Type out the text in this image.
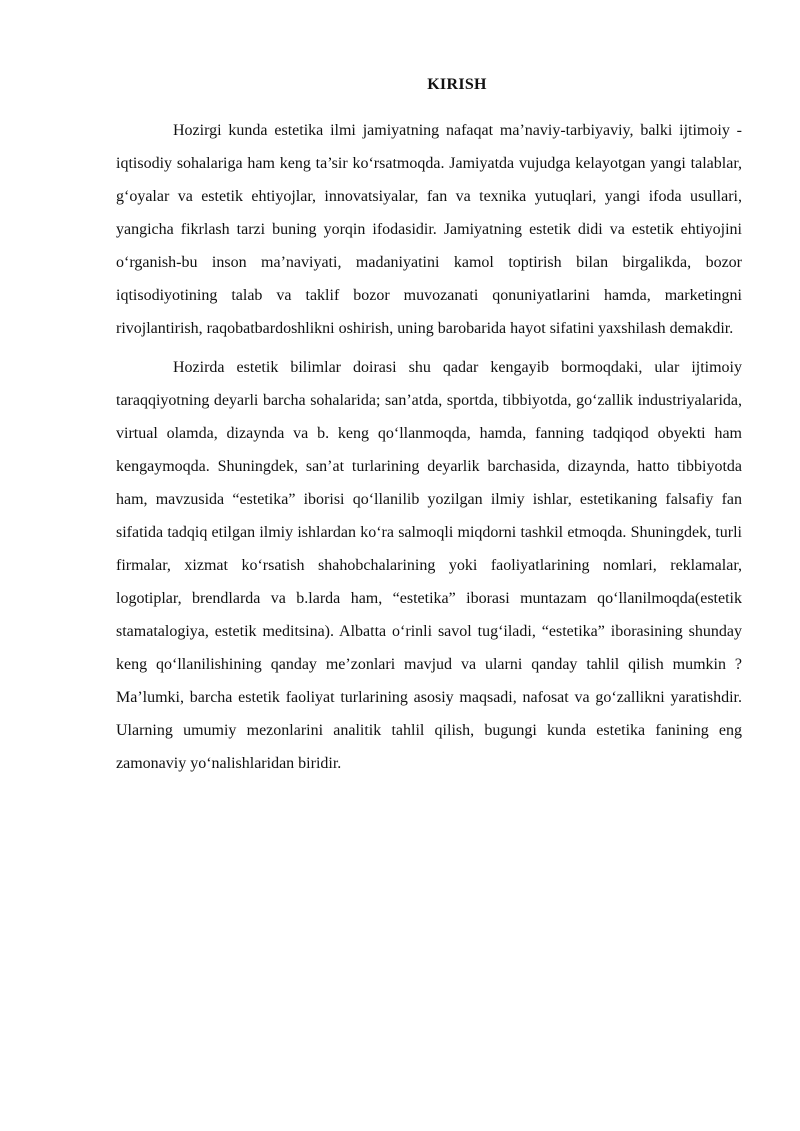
KIRISH

Hozirgi kunda estetika ilmi jamiyatning nafaqat ma’naviy-tarbiyaviy, balki ijtimoiy - iqtisodiy sohalariga ham keng ta’sir ko‘rsatmoqda. Jamiyatda vujudga kelayotgan yangi talablar, g‘oyalar va estetik ehtiyojlar, innovatsiyalar, fan va texnika yutuqlari, yangi ifoda usullari, yangicha fikrlash tarzi buning yorqin ifodasidir. Jamiyatning estetik didi va estetik ehtiyojini o‘rganish-bu inson ma’naviyati, madaniyatini kamol toptirish bilan birgalikda, bozor iqtisodiyotining talab va taklif bozor muvozanati qonuniyatlarini hamda, marketingni rivojlantirish, raqobatbardoshlikni oshirish, uning barobarida hayot sifatini yaxshilash demakdir.

Hozirda estetik bilimlar doirasi shu qadar kengayib bormoqdaki, ular ijtimoiy taraqqiyotning deyarli barcha sohalarida; san’atda, sportda, tibbiyotda, go‘zallik industriyalarida, virtual olamda, dizaynda va b. keng qo‘llanmoqda, hamda, fanning tadqiqod obyekti ham kengaymoqda. Shuningdek, san’at turlarining deyarlik barchasida, dizaynda, hatto tibbiyotda ham, mavzusida “estetika” iborisi qo‘llanilib yozilgan ilmiy ishlar, estetikaning falsafiy fan sifatida tadqiq etilgan ilmiy ishlardan ko‘ra salmoqli miqdorni tashkil etmoqda. Shuningdek, turli firmalar, xizmat ko‘rsatish shahobchalarining yoki faoliyatlarining nomlari, reklamalar, logotiplar, brendlarda va b.larda ham, “estetika” iborasi muntazam qo‘llanilmoqda(estetik stamatalogiya, estetik meditsina). Albatta o‘rinli savol tug‘iladi, “estetika” iborasining shunday keng qo‘llanilishining qanday me’zonlari mavjud va ularni qanday tahlil qilish mumkin ? Ma’lumki, barcha estetik faoliyat turlarining asosiy maqsadi, nafosat va go‘zallikni yaratishdir. Ularning umumiy mezonlarini analitik tahlil qilish, bugungi kunda estetika fanining eng zamonaviy yo‘nalishlaridan biridir.
